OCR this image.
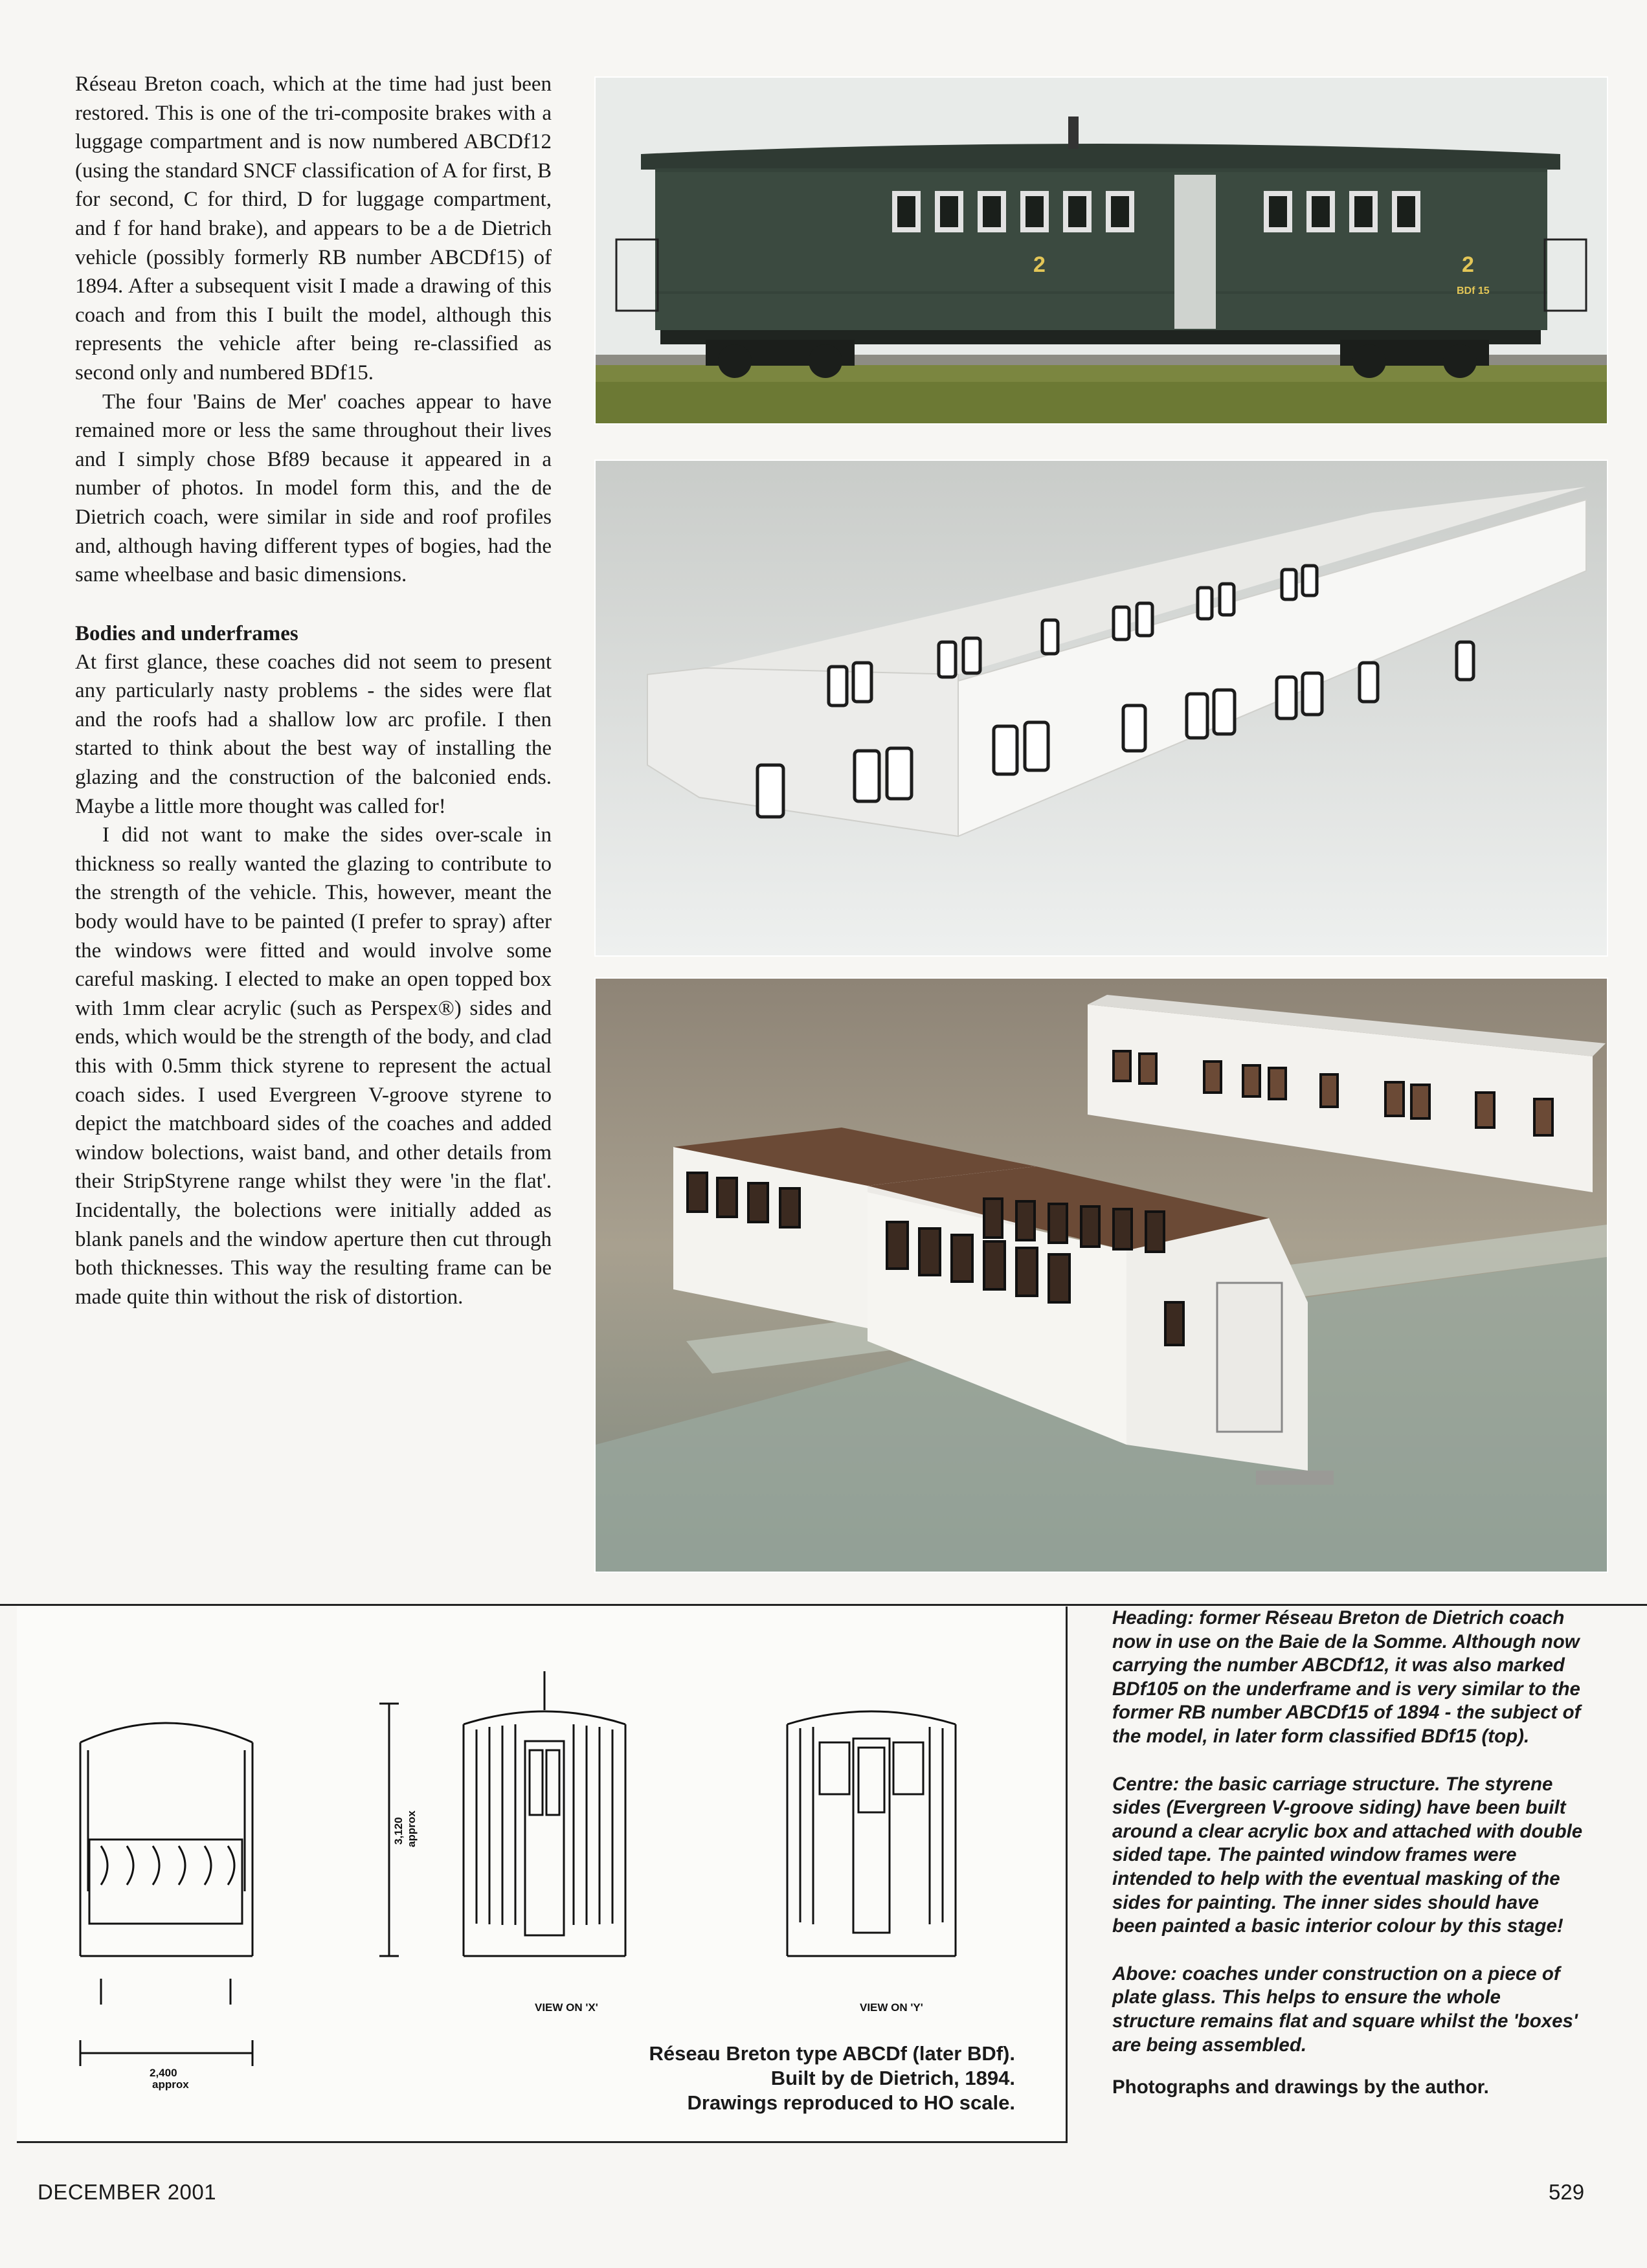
Réseau Breton coach, which at the time had just been restored. This is one of the tri-composite brakes with a luggage compartment and is now numbered ABCDf12 (using the standard SNCF classification of A for first, B for second, C for third, D for luggage compartment, and f for hand brake), and appears to be a de Dietrich vehicle (possibly formerly RB number ABCDf15) of 1894. After a subsequent visit I made a drawing of this coach and from this I built the model, although this represents the vehicle after being re-classified as second only and numbered BDf15.

The four 'Bains de Mer' coaches appear to have remained more or less the same throughout their lives and I simply chose Bf89 because it appeared in a number of photos. In model form this, and the de Dietrich coach, were similar in side and roof profiles and, although having different types of bogies, had the same wheelbase and basic dimensions.

Bodies and underframes

At first glance, these coaches did not seem to present any particularly nasty problems - the sides were flat and the roofs had a shallow low arc profile. I then started to think about the best way of installing the glazing and the construction of the balconied ends. Maybe a little more thought was called for!

I did not want to make the sides over-scale in thickness so really wanted the glazing to contribute to the strength of the vehicle. This, however, meant the body would have to be painted (I prefer to spray) after the windows were fitted and would involve some careful masking. I elected to make an open topped box with 1mm clear acrylic (such as Perspex®) sides and ends, which would be the strength of the body, and clad this with 0.5mm thick styrene to represent the actual coach sides. I used Evergreen V-groove styrene to depict the matchboard sides of the coaches and added window bolections, waist band, and other details from their StripStyrene range whilst they were 'in the flat'. Incidentally, the bolections were initially added as blank panels and the window aperture then cut through both thicknesses. This way the resulting frame can be made quite thin without the risk of distortion.

2	2
BDf 15
3,120 approx
2,400
approx
VIEW ON 'X'	VIEW ON 'Y'
Réseau Breton type ABCDf (later BDf).
Built by de Dietrich, 1894.
Drawings reproduced to HO scale.

Heading: former Réseau Breton de Dietrich coach now in use on the Baie de la Somme. Although now carrying the number ABCDf12, it was also marked BDf105 on the underframe and is very similar to the former RB number ABCDf15 of 1894 - the subject of the model, in later form classified BDf15 (top).

Centre: the basic carriage structure. The styrene sides (Evergreen V-groove siding) have been built around a clear acrylic box and attached with double sided tape. The painted window frames were intended to help with the eventual masking of the sides for painting. The inner sides should have been painted a basic interior colour by this stage!

Above: coaches under construction on a piece of plate glass. This helps to ensure the whole structure remains flat and square whilst the 'boxes' are being assembled.

Photographs and drawings by the author.

DECEMBER 2001	529
